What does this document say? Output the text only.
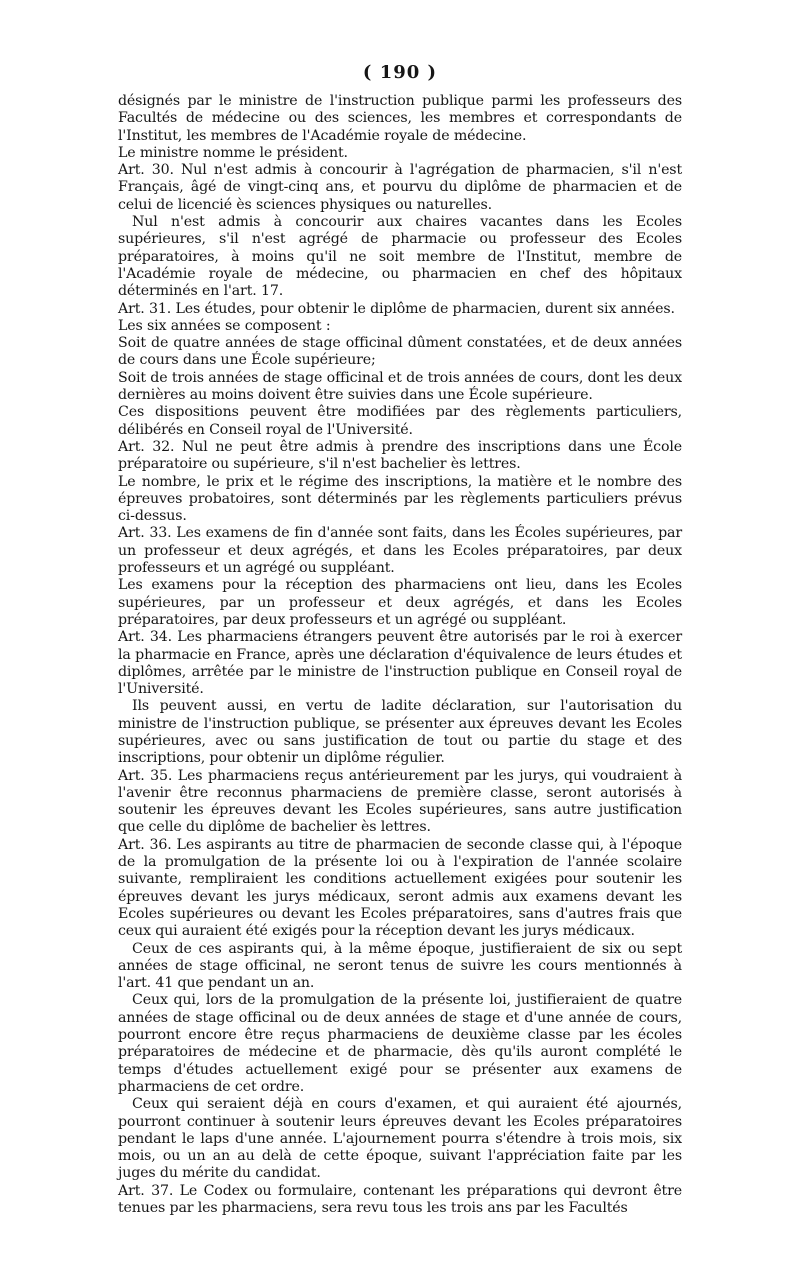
( 190 )

désignés par le ministre de l'instruction publique parmi les professeurs des Facultés de médecine ou des sciences, les membres et correspondants de l'Institut, les membres de l'Académie royale de médecine.

Le ministre nomme le président.

Art. 30. Nul n'est admis à concourir à l'agrégation de pharmacien, s'il n'est Français, âgé de vingt-cinq ans, et pourvu du diplôme de pharmacien et de celui de licencié ès sciences physiques ou naturelles.

Nul n'est admis à concourir aux chaires vacantes dans les Ecoles supérieures, s'il n'est agrégé de pharmacie ou professeur des Ecoles préparatoires, à moins qu'il ne soit membre de l'Institut, membre de l'Académie royale de médecine, ou pharmacien en chef des hôpitaux déterminés en l'art. 17.

Art. 31. Les études, pour obtenir le diplôme de pharmacien, durent six années.

Les six années se composent :

Soit de quatre années de stage officinal dûment constatées, et de deux années de cours dans une École supérieure;

Soit de trois années de stage officinal et de trois années de cours, dont les deux dernières au moins doivent être suivies dans une École supérieure.

Ces dispositions peuvent être modifiées par des règlements particuliers, délibérés en Conseil royal de l'Université.

Art. 32. Nul ne peut être admis à prendre des inscriptions dans une École préparatoire ou supérieure, s'il n'est bachelier ès lettres.

Le nombre, le prix et le régime des inscriptions, la matière et le nombre des épreuves probatoires, sont déterminés par les règlements particuliers prévus ci-dessus.

Art. 33. Les examens de fin d'année sont faits, dans les Écoles supérieures, par un professeur et deux agrégés, et dans les Ecoles préparatoires, par deux professeurs et un agrégé ou suppléant.

Les examens pour la réception des pharmaciens ont lieu, dans les Ecoles supérieures, par un professeur et deux agrégés, et dans les Ecoles préparatoires, par deux professeurs et un agrégé ou suppléant.

Art. 34. Les pharmaciens étrangers peuvent être autorisés par le roi à exercer la pharmacie en France, après une déclaration d'équivalence de leurs études et diplômes, arrêtée par le ministre de l'instruction publique en Conseil royal de l'Université.

Ils peuvent aussi, en vertu de ladite déclaration, sur l'autorisation du ministre de l'instruction publique, se présenter aux épreuves devant les Ecoles supérieures, avec ou sans justification de tout ou partie du stage et des inscriptions, pour obtenir un diplôme régulier.

Art. 35. Les pharmaciens reçus antérieurement par les jurys, qui voudraient à l'avenir être reconnus pharmaciens de première classe, seront autorisés à soutenir les épreuves devant les Ecoles supérieures, sans autre justification que celle du diplôme de bachelier ès lettres.

Art. 36. Les aspirants au titre de pharmacien de seconde classe qui, à l'époque de la promulgation de la présente loi ou à l'expiration de l'année scolaire suivante, rempliraient les conditions actuellement exigées pour soutenir les épreuves devant les jurys médicaux, seront admis aux examens devant les Ecoles supérieures ou devant les Ecoles préparatoires, sans d'autres frais que ceux qui auraient été exigés pour la réception devant les jurys médicaux.

Ceux de ces aspirants qui, à la même époque, justifieraient de six ou sept années de stage officinal, ne seront tenus de suivre les cours mentionnés à l'art. 41 que pendant un an.

Ceux qui, lors de la promulgation de la présente loi, justifieraient de quatre années de stage officinal ou de deux années de stage et d'une année de cours, pourront encore être reçus pharmaciens de deuxième classe par les écoles préparatoires de médecine et de pharmacie, dès qu'ils auront complété le temps d'études actuellement exigé pour se présenter aux examens de pharmaciens de cet ordre.

Ceux qui seraient déjà en cours d'examen, et qui auraient été ajournés, pourront continuer à soutenir leurs épreuves devant les Ecoles préparatoires pendant le laps d'une année. L'ajournement pourra s'étendre à trois mois, six mois, ou un an au delà de cette époque, suivant l'appréciation faite par les juges du mérite du candidat.

Art. 37. Le Codex ou formulaire, contenant les préparations qui devront être tenues par les pharmaciens, sera revu tous les trois ans par les Facultés
